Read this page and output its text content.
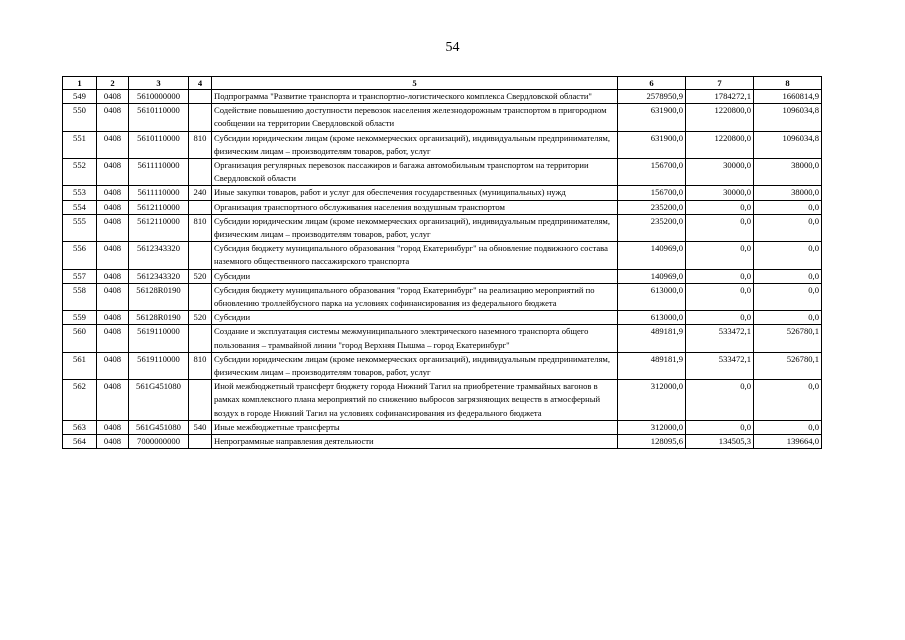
54
1	2	3	4	5	6	7	8
549	0408	5610000000		Подпрограмма "Развитие транспорта и транспортно-логистического комплекса Свердловской области"	2578950,9	1784272,1	1660814,9
550	0408	5610110000		Содействие повышению доступности перевозок населения железнодорожным транспортом в пригородном сообщении на территории Свердловской области	631900,0	1220800,0	1096034,8
551	0408	5610110000	810	Субсидии юридическим лицам (кроме некоммерческих организаций), индивидуальным предпринимателям, физическим лицам – производителям товаров, работ, услуг	631900,0	1220800,0	1096034,8
552	0408	5611110000		Организация регулярных перевозок пассажиров и багажа автомобильным транспортом на территории Свердловской области	156700,0	30000,0	38000,0
553	0408	5611110000	240	Иные закупки товаров, работ и услуг для обеспечения государственных (муниципальных) нужд	156700,0	30000,0	38000,0
554	0408	5612110000		Организация транспортного обслуживания населения воздушным транспортом	235200,0	0,0	0,0
555	0408	5612110000	810	Субсидии юридическим лицам (кроме некоммерческих организаций), индивидуальным предпринимателям, физическим лицам – производителям товаров, работ, услуг	235200,0	0,0	0,0
556	0408	5612343320		Субсидия бюджету муниципального образования "город Екатеринбург" на обновление подвижного состава наземного общественного пассажирского транспорта	140969,0	0,0	0,0
557	0408	5612343320	520	Субсидии	140969,0	0,0	0,0
558	0408	56128R0190		Субсидия бюджету муниципального образования "город Екатеринбург" на реализацию мероприятий по обновлению троллейбусного парка на условиях софинансирования из федерального бюджета	613000,0	0,0	0,0
559	0408	56128R0190	520	Субсидии	613000,0	0,0	0,0
560	0408	5619110000		Создание и эксплуатация системы межмуниципального электрического наземного транспорта общего пользования – трамвайной линии "город Верхняя Пышма – город Екатеринбург"	489181,9	533472,1	526780,1
561	0408	5619110000	810	Субсидии юридическим лицам (кроме некоммерческих организаций), индивидуальным предпринимателям, физическим лицам – производителям товаров, работ, услуг	489181,9	533472,1	526780,1
562	0408	561G451080		Иной межбюджетный трансферт бюджету города Нижний Тагил на приобретение трамвайных вагонов в рамках комплексного плана мероприятий по снижению выбросов загрязняющих веществ в атмосферный воздух в городе Нижний Тагил на условиях софинансирования из федерального бюджета	312000,0	0,0	0,0
563	0408	561G451080	540	Иные межбюджетные трансферты	312000,0	0,0	0,0
564	0408	7000000000		Непрограммные направления деятельности	128095,6	134505,3	139664,0
